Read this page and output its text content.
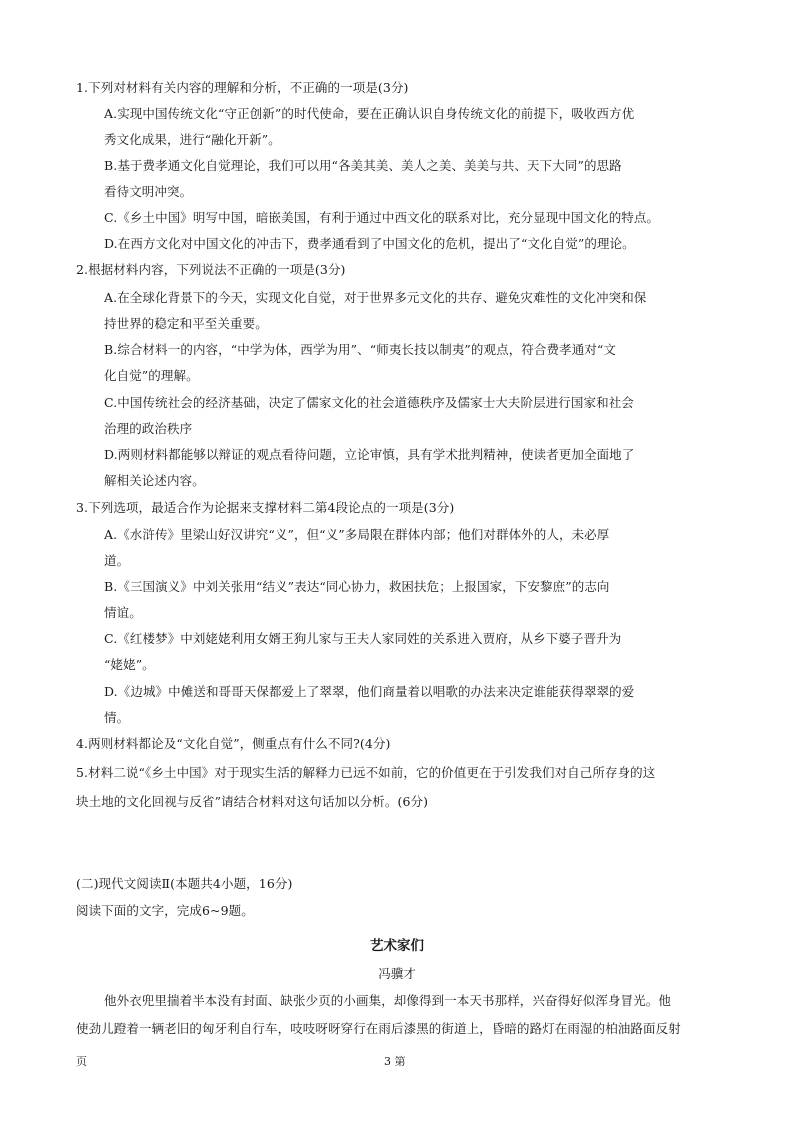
1.下列对材料有关内容的理解和分析，不正确的一项是(3分)
A.实现中国传统文化“守正创新”的时代使命，要在正确认识自身传统文化的前提下，吸收西方优
秀文化成果，进行“融化开新”。
B.基于费孝通文化自觉理论，我们可以用“各美其美、美人之美、美美与共、天下大同”的思路
看待文明冲突。
C.《乡土中国》明写中国，暗嵌美国，有利于通过中西文化的联系对比，充分显现中国文化的特点。
D.在西方文化对中国文化的冲击下，费孝通看到了中国文化的危机，提出了“文化自觉”的理论。
2.根据材料内容，下列说法不正确的一项是(3分)
A.在全球化背景下的今天，实现文化自觉，对于世界多元文化的共存、避免灾难性的文化冲突和保
持世界的稳定和平至关重要。
B.综合材料一的内容，“中学为体，西学为用”、“师夷长技以制夷”的观点，符合费孝通对“文
化自觉”的理解。
C.中国传统社会的经济基础，决定了儒家文化的社会道德秩序及儒家士大夫阶层进行国家和社会
治理的政治秩序
D.两则材料都能够以辩证的观点看待问题，立论审慎，具有学术批判精神，使读者更加全面地了
解相关论述内容。
3.下列选项，最适合作为论据来支撑材料二第4段论点的一项是(3分)
A.《水浒传》里梁山好汉讲究“义”，但“义”多局限在群体内部；他们对群体外的人，未必厚
道。
B.《三国演义》中刘关张用“结义”表达“同心协力，救困扶危；上报国家，下安黎庶”的志向
情谊。
C.《红楼梦》中刘姥姥利用女婿王狗儿家与王夫人家同姓的关系进入贾府，从乡下婆子晋升为
“姥姥”。
D.《边城》中傩送和哥哥天保都爱上了翠翠，他们商量着以唱歌的办法来决定谁能获得翠翠的爱
情。
4.两则材料都论及“文化自觉”，侧重点有什么不同?(4分)
5.材料二说“《乡土中国》对于现实生活的解释力已远不如前，它的价值更在于引发我们对自己所存身的这
块土地的文化回视与反省”请结合材料对这句话加以分析。(6分)
(二)现代文阅读Ⅱ(本题共4小题，16分)
阅读下面的文字，完成6~9题。
艺术家们
冯骥才
他外衣兜里揣着半本没有封面、缺张少页的小画集，却像得到一本天书那样，兴奋得好似浑身冒光。他
使劲儿蹬着一辆老旧的匈牙利自行车，吱吱呀呀穿行在雨后漆黑的街道上，昏暗的路灯在雨湿的柏油路面反射
页	3 第
